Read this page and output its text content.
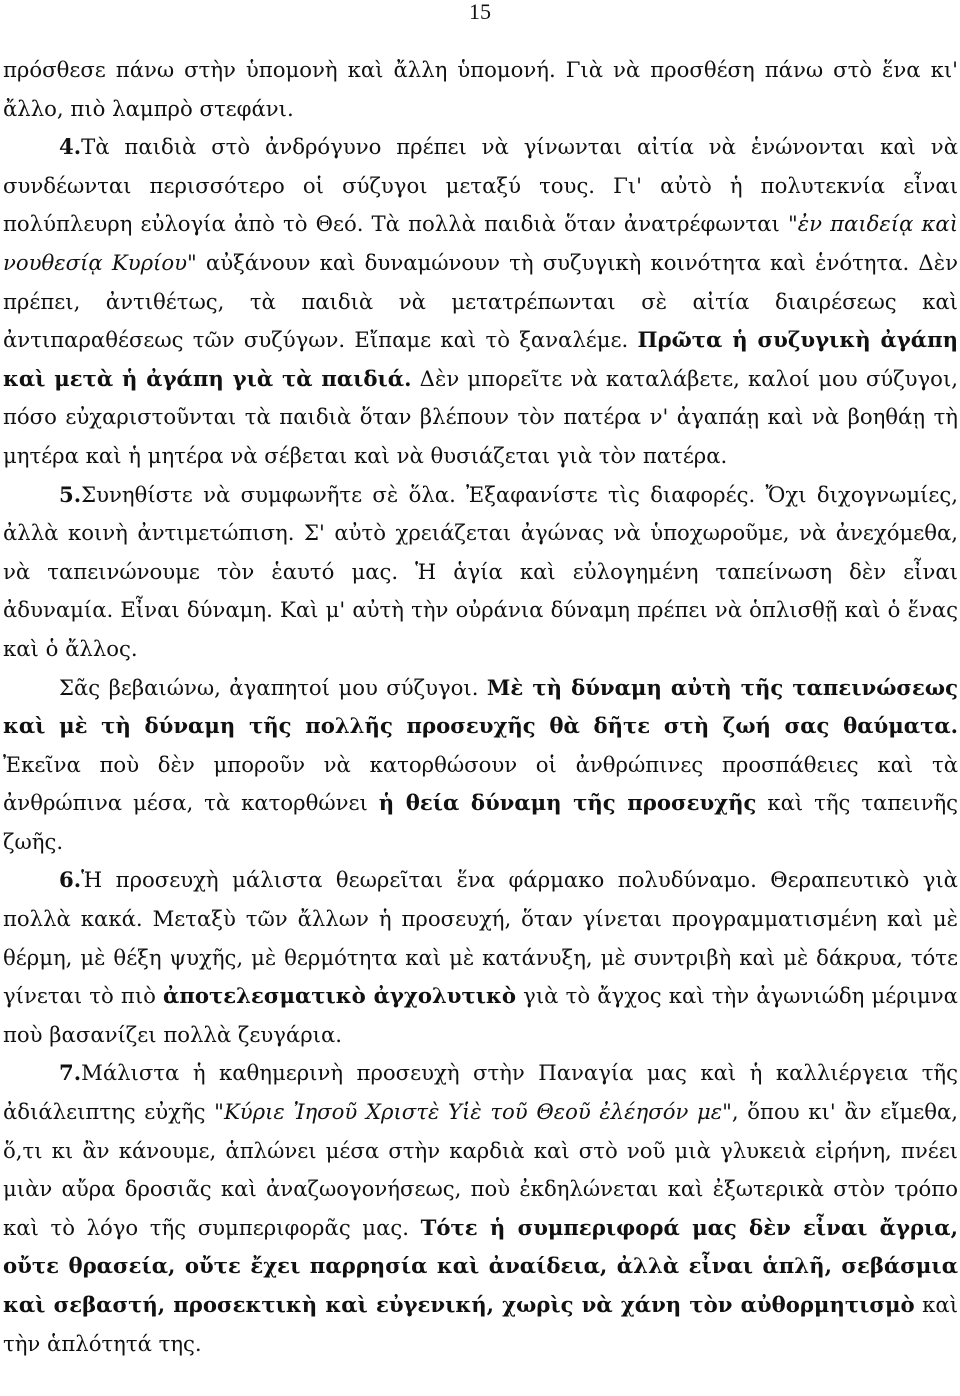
15

πρόσθεσε πάνω στὴν ὑπομονὴ καὶ ἄλλη ὑπομονή. Γιὰ νὰ προσθέση πάνω στὸ ἕνα κι' ἄλλο, πιὸ λαμπρὸ στεφάνι.

4.Τὰ παιδιὰ στὸ ἀνδρόγυνο πρέπει νὰ γίνωνται αἰτία νὰ ἑνώνονται καὶ νὰ συνδέωνται περισσότερο οἱ σύζυγοι μεταξύ τους. Γι' αὐτὸ ἡ πολυτεκνία εἶναι πολύπλευρη εὐλογία ἀπὸ τὸ Θεό. Τὰ πολλὰ παιδιὰ ὅταν ἀνατρέφωνται "ἐν παιδείᾳ καὶ νουθεσίᾳ Κυρίου" αὐξάνουν καὶ δυναμώνουν τὴ συζυγικὴ κοινότητα καὶ ἑνότητα. Δὲν πρέπει, ἀντιθέτως, τὰ παιδιὰ νὰ μετατρέπωνται σὲ αἰτία διαιρέσεως καὶ ἀντιπαραθέσεως τῶν συζύγων. Εἴπαμε καὶ τὸ ξαναλέμε. Πρῶτα ἡ συζυγικὴ ἀγάπη καὶ μετὰ ἡ ἀγάπη γιὰ τὰ παιδιά. Δὲν μπορεῖτε νὰ καταλάβετε, καλοί μου σύζυγοι, πόσο εὐχαριστοῦνται τὰ παιδιὰ ὅταν βλέπουν τὸν πατέρα ν' ἀγαπάῃ καὶ νὰ βοηθάῃ τὴ μητέρα καὶ ἡ μητέρα νὰ σέβεται καὶ νὰ θυσιάζεται γιὰ τὸν πατέρα.

5.Συνηθίστε νὰ συμφωνῆτε σὲ ὅλα. Ἐξαφανίστε τὶς διαφορές. Ὄχι διχογνωμίες, ἀλλὰ κοινὴ ἀντιμετώπιση. Σ' αὐτὸ χρειάζεται ἀγώνας νὰ ὑποχωροῦμε, νὰ ἀνεχόμεθα, νὰ ταπεινώνουμε τὸν ἑαυτό μας. Ἡ ἁγία καὶ εὐλογημένη ταπείνωση δὲν εἶναι ἀδυναμία. Εἶναι δύναμη. Καὶ μ' αὐτὴ τὴν οὐράνια δύναμη πρέπει νὰ ὁπλισθῇ καὶ ὁ ἕνας καὶ ὁ ἄλλος.

Σᾶς βεβαιώνω, ἀγαπητοί μου σύζυγοι. Μὲ τὴ δύναμη αὐτὴ τῆς ταπεινώσεως καὶ μὲ τὴ δύναμη τῆς πολλῆς προσευχῆς θὰ δῆτε στὴ ζωή σας θαύματα. Ἐκεῖνα ποὺ δὲν μποροῦν νὰ κατορθώσουν οἱ ἀνθρώπινες προσπάθειες καὶ τὰ ἀνθρώπινα μέσα, τὰ κατορθώνει ἡ θεία δύναμη τῆς προσευχῆς καὶ τῆς ταπεινῆς ζωῆς.

6.Ἡ προσευχὴ μάλιστα θεωρεῖται ἕνα φάρμακο πολυδύναμο. Θεραπευτικὸ γιὰ πολλὰ κακά. Μεταξὺ τῶν ἄλλων ἡ προσευχή, ὅταν γίνεται προγραμματισμένη καὶ μὲ θέρμη, μὲ θέξη ψυχῆς, μὲ θερμότητα καὶ μὲ κατάνυξη, μὲ συντριβὴ καὶ μὲ δάκρυα, τότε γίνεται τὸ πιὸ ἀποτελεσματικὸ ἀγχολυτικὸ γιὰ τὸ ἄγχος καὶ τὴν ἀγωνιώδη μέριμνα ποὺ βασανίζει πολλὰ ζευγάρια.

7.Μάλιστα ἡ καθημερινὴ προσευχὴ στὴν Παναγία μας καὶ ἡ καλλιέργεια τῆς ἀδιάλειπτης εὐχῆς "Κύριε Ἰησοῦ Χριστὲ Υἱὲ τοῦ Θεοῦ ἐλέησόν με", ὅπου κι' ἂν εἴμεθα, ὅ,τι κι ἂν κάνουμε, ἁπλώνει μέσα στὴν καρδιὰ καὶ στὸ νοῦ μιὰ γλυκειὰ εἰρήνη, πνέει μιὰν αὔρα δροσιᾶς καὶ ἀναζωογονήσεως, ποὺ ἐκδηλώνεται καὶ ἐξωτερικὰ στὸν τρόπο καὶ τὸ λόγο τῆς συμπεριφορᾶς μας. Τότε ἡ συμπεριφορά μας δὲν εἶναι ἄγρια, οὔτε θρασεία, οὔτε ἔχει παρρησία καὶ ἀναίδεια, ἀλλὰ εἶναι ἁπλῆ, σεβάσμια καὶ σεβαστή, προσεκτικὴ καὶ εὐγενική, χωρὶς νὰ χάνη τὸν αὐθορμητισμὸ καὶ τὴν ἁπλότητά της.
